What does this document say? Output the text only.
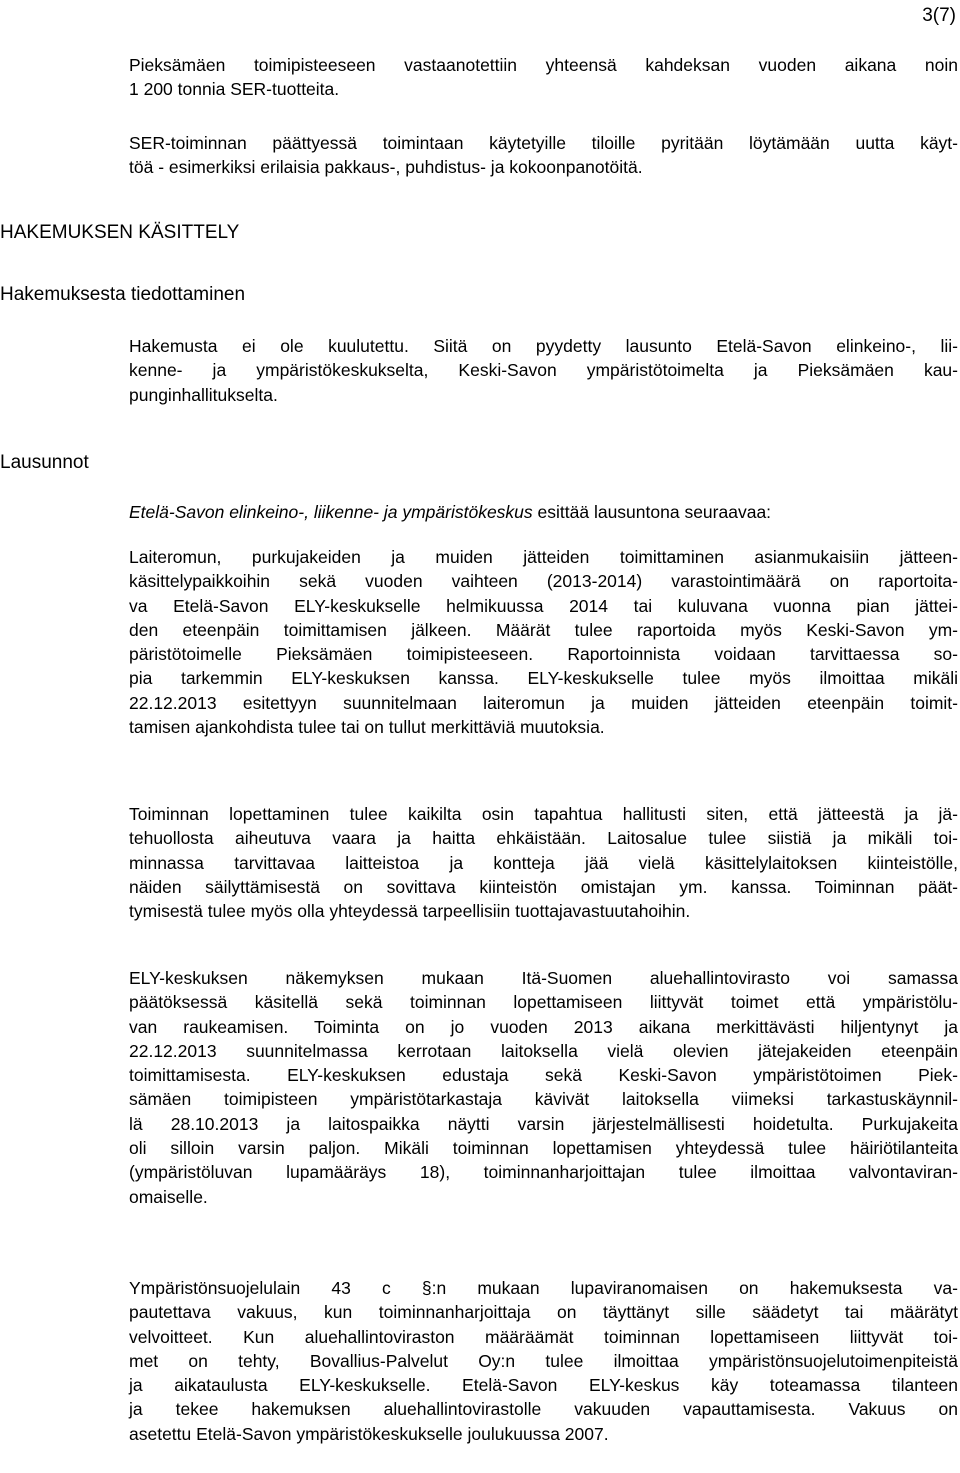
3(7)

Pieksämäen toimipisteeseen vastaanotettiin yhteensä kahdeksan vuoden aikana noin
1 200 tonnia SER-tuotteita.

SER-toiminnan päättyessä toimintaan käytetyille tiloille pyritään löytämään uutta käyt-
töä - esimerkiksi erilaisia pakkaus-, puhdistus- ja kokoonpanotöitä.

HAKEMUKSEN KÄSITTELY
Hakemuksesta tiedottaminen

Hakemusta ei ole kuulutettu. Siitä on pyydetty lausunto Etelä-Savon elinkeino-, lii-
kenne- ja ympäristökeskukselta, Keski-Savon ympäristötoimelta ja Pieksämäen kau-
punginhallitukselta.

Lausunnot

Etelä-Savon elinkeino-, liikenne- ja ympäristökeskus esittää lausuntona seuraavaa:

Laiteromun, purkujakeiden ja muiden jätteiden toimittaminen asianmukaisiin jätteen-
käsittelypaikkoihin sekä vuoden vaihteen (2013-2014) varastointimäärä on raportoita-
va Etelä-Savon ELY-keskukselle helmikuussa 2014 tai kuluvana vuonna pian jättei-
den eteenpäin toimittamisen jälkeen. Määrät tulee raportoida myös Keski-Savon ym-
päristötoimelle Pieksämäen toimipisteeseen. Raportoinnista voidaan tarvittaessa so-
pia tarkemmin ELY-keskuksen kanssa. ELY-keskukselle tulee myös ilmoittaa mikäli
22.12.2013 esitettyyn suunnitelmaan laiteromun ja muiden jätteiden eteenpäin toimit-
tamisen ajankohdista tulee tai on tullut merkittäviä muutoksia.

Toiminnan lopettaminen tulee kaikilta osin tapahtua hallitusti siten, että jätteestä ja jä-
tehuollosta aiheutuva vaara ja haitta ehkäistään. Laitosalue tulee siistiä ja mikäli toi-
minnassa tarvittavaa laitteistoa ja kontteja jää vielä käsittelylaitoksen kiinteistölle,
näiden säilyttämisestä on sovittava kiinteistön omistajan ym. kanssa. Toiminnan päät-
tymisestä tulee myös olla yhteydessä tarpeellisiin tuottajavastuutahoihin.

ELY-keskuksen näkemyksen mukaan Itä-Suomen aluehallintovirasto voi samassa
päätöksessä käsitellä sekä toiminnan lopettamiseen liittyvät toimet että ympäristölu-
van raukeamisen. Toiminta on jo vuoden 2013 aikana merkittävästi hiljentynyt ja
22.12.2013 suunnitelmassa kerrotaan laitoksella vielä olevien jätejakeiden eteenpäin
toimittamisesta. ELY-keskuksen edustaja sekä Keski-Savon ympäristötoimen Piek-
sämäen toimipisteen ympäristötarkastaja kävivät laitoksella viimeksi tarkastuskäynnil-
lä 28.10.2013 ja laitospaikka näytti varsin järjestelmällisesti hoidetulta. Purkujakeita
oli silloin varsin paljon. Mikäli toiminnan lopettamisen yhteydessä tulee häiriötilanteita
(ympäristöluvan lupamääräys 18), toiminnanharjoittajan tulee ilmoittaa valvontaviran-
omaiselle.

Ympäristönsuojelulain 43 c §:n mukaan lupaviranomaisen on hakemuksesta va-
pautettava vakuus, kun toiminnanharjoittaja on täyttänyt sille säädetyt tai määrätyt
velvoitteet. Kun aluehallintoviraston määräämät toiminnan lopettamiseen liittyvät toi-
met on tehty, Bovallius-Palvelut Oy:n tulee ilmoittaa ympäristönsuojelutoimenpiteistä
ja aikataulusta ELY-keskukselle. Etelä-Savon ELY-keskus käy toteamassa tilanteen
ja tekee hakemuksen aluehallintovirastolle vakuuden vapauttamisesta. Vakuus on
asetettu Etelä-Savon ympäristökeskukselle joulukuussa 2007.
